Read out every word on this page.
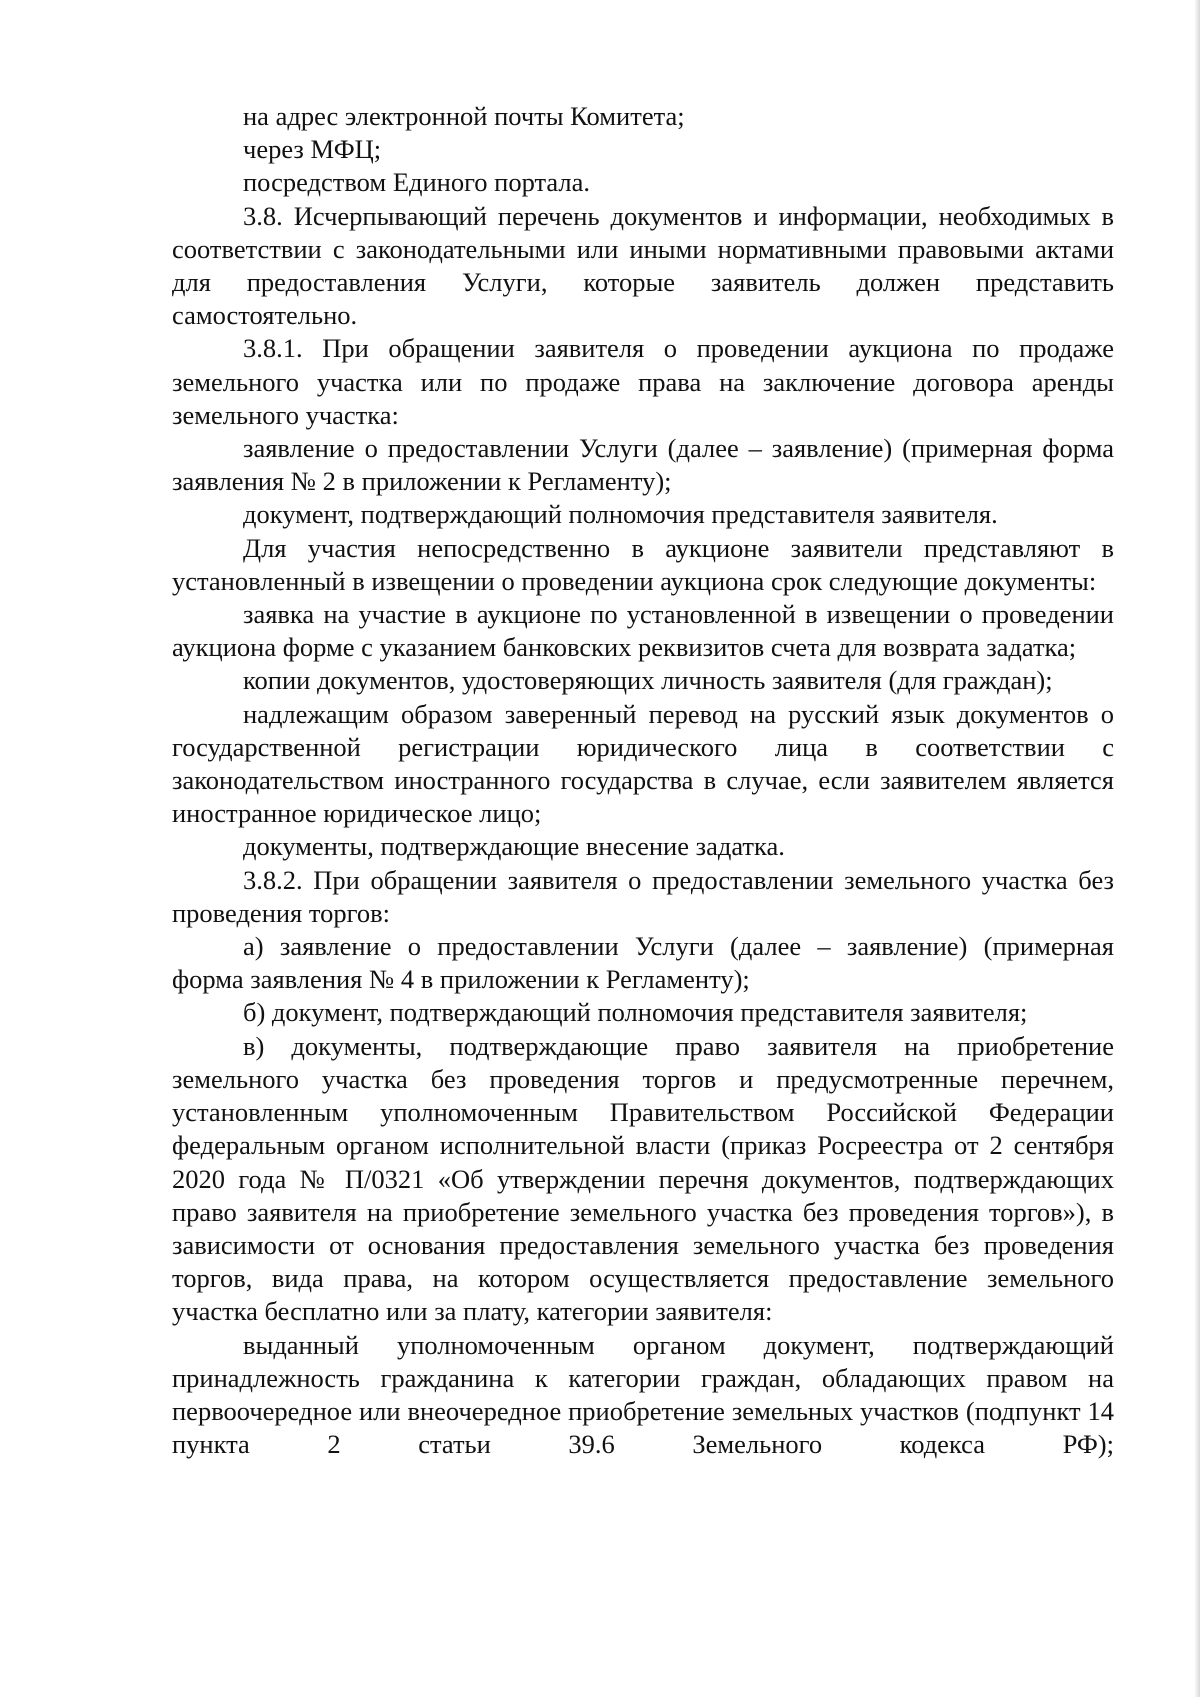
на адрес электронной почты Комитета;

через МФЦ;

посредством Единого портала.

3.8. Исчерпывающий перечень документов и информации, необходимых в соответствии с законодательными или иными нормативными правовыми актами для предоставления Услуги, которые заявитель должен представить самостоятельно.

3.8.1. При обращении заявителя о проведении аукциона по продаже земельного участка или по продаже права на заключение договора аренды земельного участка:

заявление о предоставлении Услуги (далее – заявление) (примерная форма заявления № 2 в приложении к Регламенту);

документ, подтверждающий полномочия представителя заявителя.

Для участия непосредственно в аукционе заявители представляют в установленный в извещении о проведении аукциона срок следующие документы:

заявка на участие в аукционе по установленной в извещении о проведении аукциона форме с указанием банковских реквизитов счета для возврата задатка;

копии документов, удостоверяющих личность заявителя (для граждан);

надлежащим образом заверенный перевод на русский язык документов о государственной регистрации юридического лица в соответствии с законодательством иностранного государства в случае, если заявителем является иностранное юридическое лицо;

документы, подтверждающие внесение задатка.

3.8.2. При обращении заявителя о предоставлении земельного участка без проведения торгов:

а) заявление о предоставлении Услуги (далее – заявление) (примерная форма заявления № 4 в приложении к Регламенту);

б) документ, подтверждающий полномочия представителя заявителя;

в) документы, подтверждающие право заявителя на приобретение земельного участка без проведения торгов и предусмотренные перечнем, установленным уполномоченным Правительством Российской Федерации федеральным органом исполнительной власти (приказ Росреестра от 2 сентября 2020 года № П/0321 «Об утверждении перечня документов, подтверждающих право заявителя на приобретение земельного участка без проведения торгов»), в зависимости от основания предоставления земельного участка без проведения торгов, вида права, на котором осуществляется предоставление земельного участка бесплатно или за плату, категории заявителя:

выданный уполномоченным органом документ, подтверждающий принадлежность гражданина к категории граждан, обладающих правом на первоочередное или внеочередное приобретение земельных участков (подпункт 14 пункта 2 статьи 39.6 Земельного кодекса РФ);
